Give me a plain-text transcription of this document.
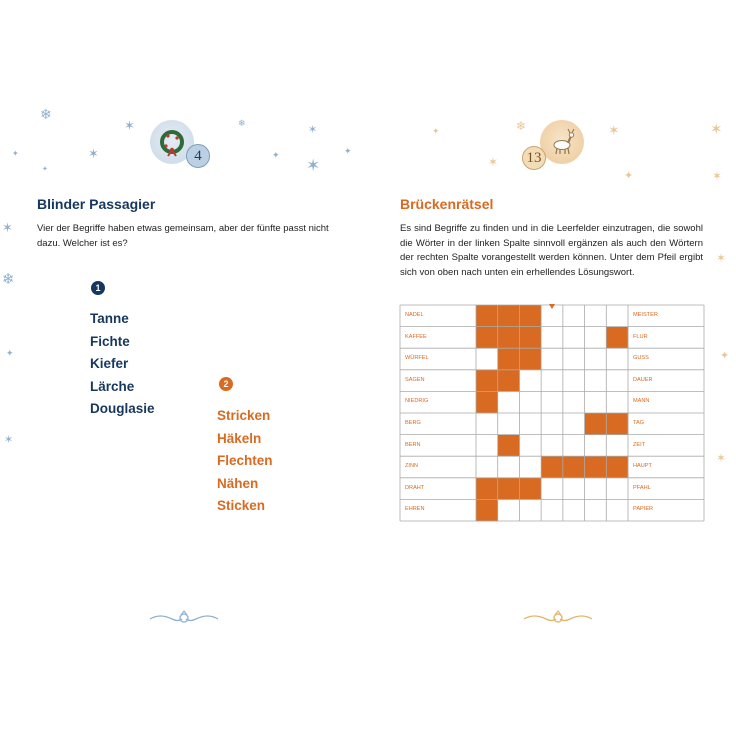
❄
✶
✦	✶
✦
❄	✶
✦ ✶
✦
✶
❄
✦
✶
4
Blinder Passagier
Vier der Begriffe haben etwas gemeinsam, aber der fünfte passt nicht dazu. Welcher ist es?
1
Tanne
Fichte
Kiefer
Lärche
Douglasie
2
Stricken
Häkeln
Flechten
Nähen
Sticken
✦	❄
✶
✶
✦
✶
✶
✶
✦
✶
13
Brückenrätsel
Es sind Begriffe zu finden und in die Leerfelder einzutragen, die sowohl die Wörter in der linken Spalte sinnvoll ergänzen als auch den Wörtern der rechten Spalte vorangestellt werden können. Unter dem Pfeil ergibt sich von oben nach unten ein erhellendes Lösungswort.
NADEL	MEISTER
KAFFEE	FLUR
WÜRFEL	GUSS
SAGEN	DAUER
NIEDRIG	MANN
BERG	TAG
BERN	ZEIT
ZINN	HAUPT
DRAHT	PFAHL
EHREN	PAPIER
